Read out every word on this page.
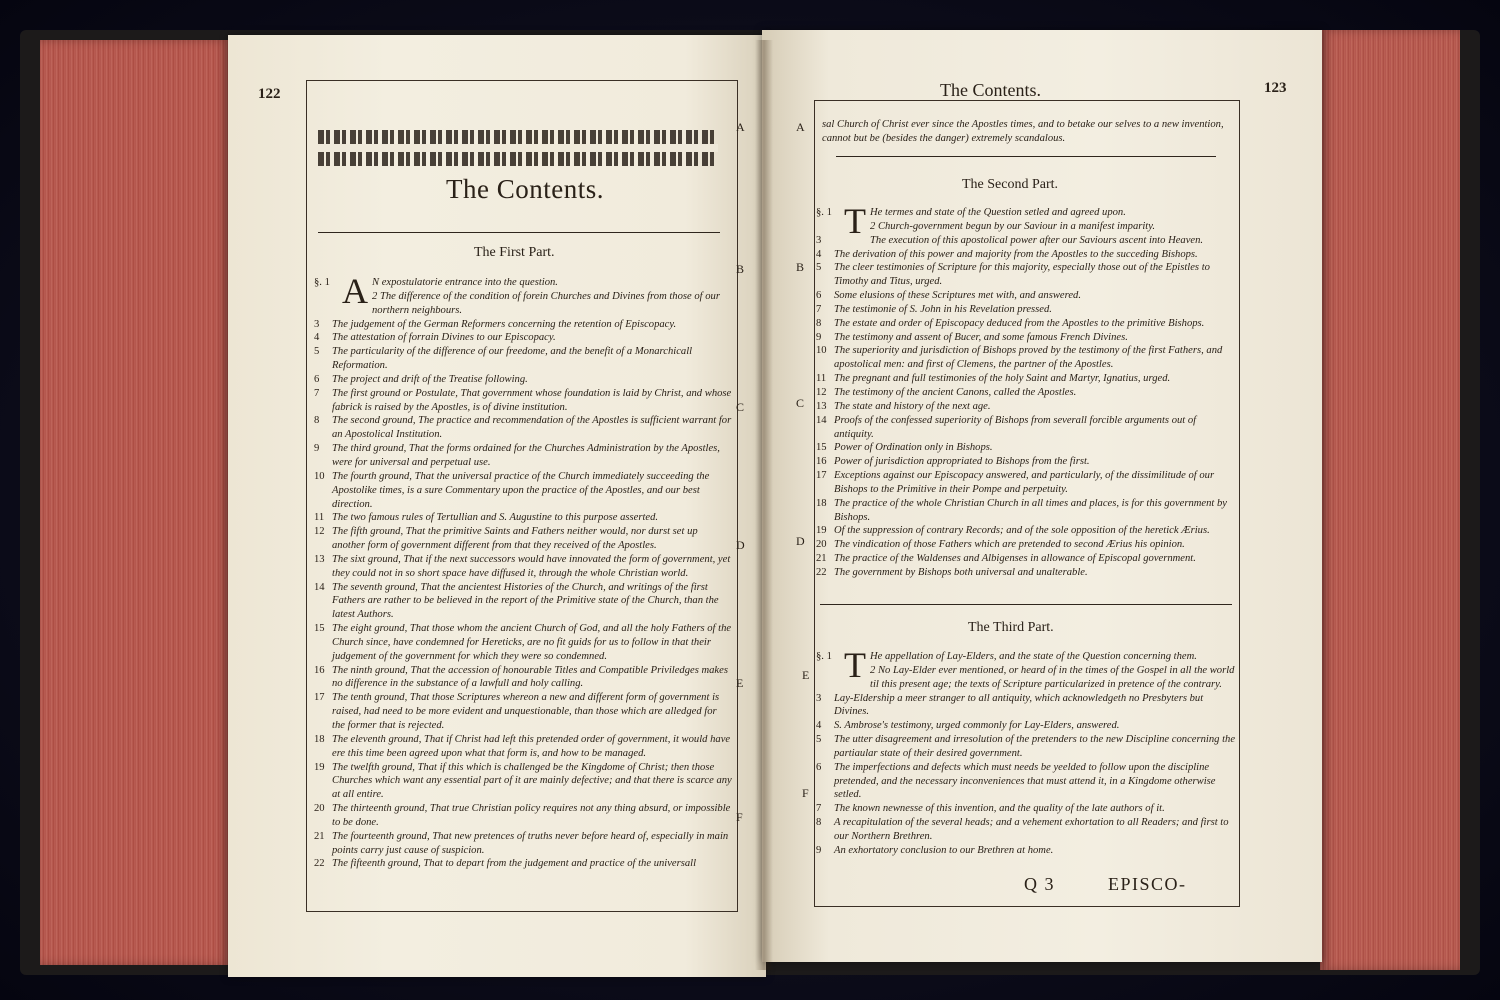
122
The Contents.
The First Part.
A
B
C
D
E
F
§. 1 A N expostulatorie entrance into the question.
2 The difference of the condition of forein Churches and Divines from those of our northern neighbours.
3 The judgement of the German Reformers concerning the retention of Episcopacy.
4 The attestation of forrain Divines to our Episcopacy.
5 The particularity of the difference of our freedome, and the benefit of a Monarchicall Reformation.
6 The project and drift of the Treatise following.
7 The first ground or Postulate, That government whose foundation is laid by Christ, and whose fabrick is raised by the Apostles, is of divine institution.
8 The second ground, The practice and recommendation of the Apostles is sufficient warrant for an Apostolical Institution.
9 The third ground, That the forms ordained for the Churches Administration by the Apostles, were for universal and perpetual use.
10 The fourth ground, That the universal practice of the Church immediately succeeding the Apostolike times, is a sure Commentary upon the practice of the Apostles, and our best direction.
11 The two famous rules of Tertullian and S. Augustine to this purpose asserted.
12 The fifth ground, That the primitive Saints and Fathers neither would, nor durst set up another form of government different from that they received of the Apostles.
13 The sixt ground, That if the next successors would have innovated the form of government, yet they could not in so short space have diffused it, through the whole Christian world.
14 The seventh ground, That the ancientest Histories of the Church, and writings of the first Fathers are rather to be believed in the report of the Primitive state of the Church, than the latest Authors.
15 The eight ground, That those whom the ancient Church of God, and all the holy Fathers of the Church since, have condemned for Hereticks, are no fit guids for us to follow in that their judgement of the government for which they were so condemned.
16 The ninth ground, That the accession of honourable Titles and Compatible Priviledges makes no difference in the substance of a lawfull and holy calling.
17 The tenth ground, That those Scriptures whereon a new and different form of government is raised, had need to be more evident and unquestionable, than those which are alledged for the former that is rejected.
18 The eleventh ground, That if Christ had left this pretended order of government, it would have ere this time been agreed upon what that form is, and how to be managed.
19 The twelfth ground, That if this which is challenged be the Kingdome of Christ; then those Churches which want any essential part of it are mainly defective; and that there is scarce any at all entire.
20 The thirteenth ground, That true Christian policy requires not any thing absurd, or impossible to be done.
21 The fourteenth ground, That new pretences of truths never before heard of, especially in main points carry just cause of suspicion.
22 The fifteenth ground, That to depart from the judgement and practice of the universall
The Contents.	123
A
B
C
D
E
F
sal Church of Christ ever since the Apostles times, and to betake our selves to a new invention, cannot but be (besides the danger) extremely scandalous.
The Second Part.
§. 1 T He termes and state of the Question setled and agreed upon.
2 Church-government begun by our Saviour in a manifest imparity.
3	The execution of this apostolical power after our Saviours ascent into Heaven.
4 The derivation of this power and majority from the Apostles to the succeding Bishops.
5 The cleer testimonies of Scripture for this majority, especially those out of the Epistles to Timothy and Titus, urged.
6 Some elusions of these Scriptures met with, and answered.
7 The testimonie of S. John in his Revelation pressed.
8 The estate and order of Episcopacy deduced from the Apostles to the primitive Bishops.
9 The testimony and assent of Bucer, and some famous French Divines.
10 The superiority and jurisdiction of Bishops proved by the testimony of the first Fathers, and apostolical men: and first of Clemens, the partner of the Apostles.
11 The pregnant and full testimonies of the holy Saint and Martyr, Ignatius, urged.
12 The testimony of the ancient Canons, called the Apostles.
13 The state and history of the next age.
14 Proofs of the confessed superiority of Bishops from severall forcible arguments out of antiquity.
15 Power of Ordination only in Bishops.
16 Power of jurisdiction appropriated to Bishops from the first.
17 Exceptions against our Episcopacy answered, and particularly, of the dissimilitude of our Bishops to the Primitive in their Pompe and perpetuity.
18 The practice of the whole Christian Church in all times and places, is for this government by Bishops.
19 Of the suppression of contrary Records; and of the sole opposition of the heretick Ærius.
20 The vindication of those Fathers which are pretended to second Ærius his opinion.
21 The practice of the Waldenses and Albigenses in allowance of Episcopal government.
22 The government by Bishops both universal and unalterable.
The Third Part.
§. 1 T He appellation of Lay-Elders, and the state of the Question concerning them.
2 No Lay-Elder ever mentioned, or heard of in the times of the Gospel in all the world til this present age; the texts of Scripture particularized in pretence of the contrary.
3 Lay-Eldership a meer stranger to all antiquity, which acknowledgeth no Presbyters but Divines.
4 S. Ambrose's testimony, urged commonly for Lay-Elders, answered.
5 The utter disagreement and irresolution of the pretenders to the new Discipline concerning the partiaular state of their desired government.
6 The imperfections and defects which must needs be yeelded to follow upon the discipline pretended, and the necessary inconveniences that must attend it, in a Kingdome otherwise setled.
7 The known newnesse of this invention, and the quality of the late authors of it.
8 A recapitulation of the several heads; and a vehement exhortation to all Readers; and first to our Northern Brethren.
9 An exhortatory conclusion to our Brethren at home.
Q 3	EPISCO-
